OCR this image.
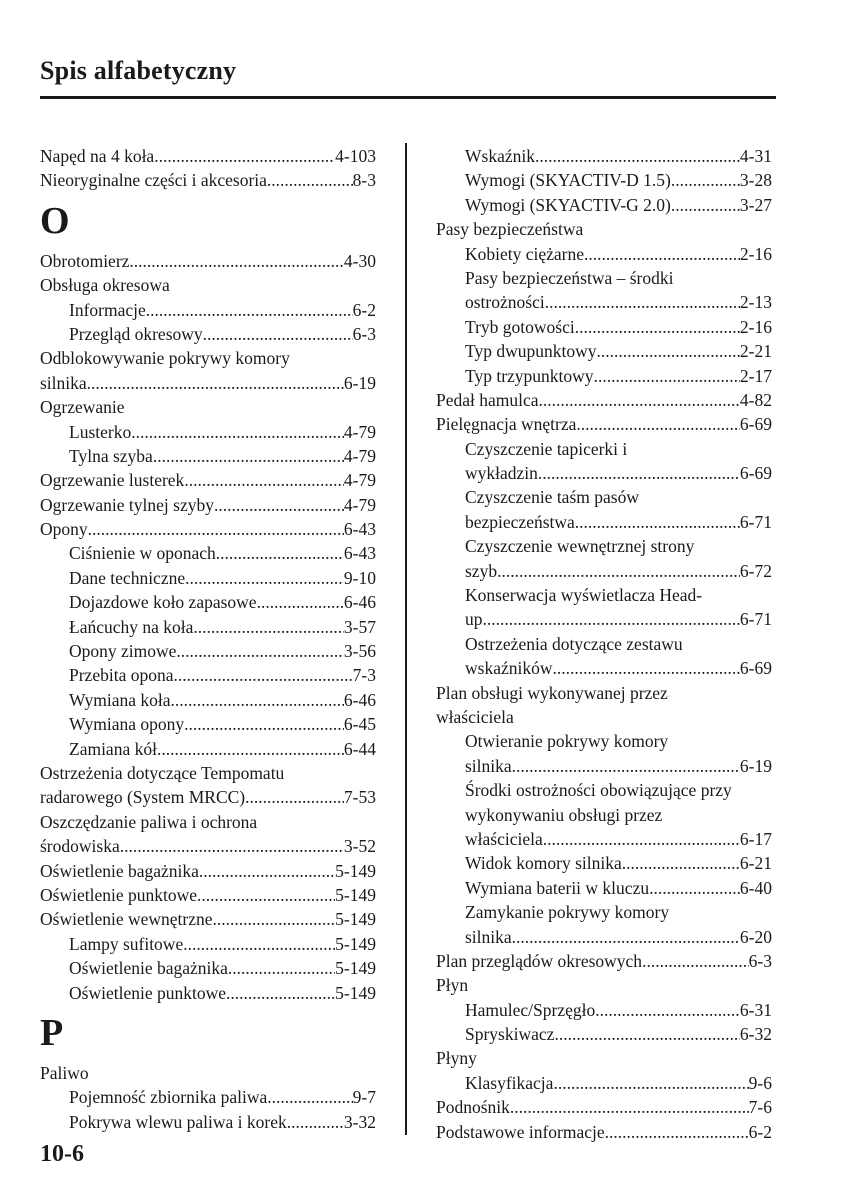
Spis alfabetyczny
Napęd na 4 koła .....	4-103
Nieoryginalne części i akcesoria .....	8-3
O
Obrotomierz .....	4-30
Obsługa okresowa
Informacje .....	6-2
Przegląd okresowy .....	6-3
Odblokowywanie pokrywy komory
silnika .....	6-19
Ogrzewanie
Lusterko .....	4-79
Tylna szyba .....	4-79
Ogrzewanie lusterek .....	4-79
Ogrzewanie tylnej szyby .....	4-79
Opony .....	6-43
Ciśnienie w oponach .....	6-43
Dane techniczne .....	9-10
Dojazdowe koło zapasowe .....	6-46
Łańcuchy na koła .....	3-57
Opony zimowe .....	3-56
Przebita opona .....	7-3
Wymiana koła .....	6-46
Wymiana opony .....	6-45
Zamiana kół .....	6-44
Ostrzeżenia dotyczące Tempomatu
radarowego (System MRCC) .....	7-53
Oszczędzanie paliwa i ochrona
środowiska .....	3-52
Oświetlenie bagażnika .....	5-149
Oświetlenie punktowe .....	5-149
Oświetlenie wewnętrzne .....	5-149
Lampy sufitowe .....	5-149
Oświetlenie bagażnika .....	5-149
Oświetlenie punktowe .....	5-149
P
Paliwo
Pojemność zbiornika paliwa .....	9-7
Pokrywa wlewu paliwa i korek .....	3-32
Wskaźnik .....	4-31
Wymogi (SKYACTIV-D 1.5) .....	3-28
Wymogi (SKYACTIV-G 2.0) .....	3-27
Pasy bezpieczeństwa
Kobiety ciężarne .....	2-16
Pasy bezpieczeństwa – środki
ostrożności .....	2-13
Tryb gotowości .....	2-16
Typ dwupunktowy .....	2-21
Typ trzypunktowy .....	2-17
Pedał hamulca .....	4-82
Pielęgnacja wnętrza .....	6-69
Czyszczenie tapicerki i
wykładzin .....	6-69
Czyszczenie taśm pasów
bezpieczeństwa .....	6-71
Czyszczenie wewnętrznej strony
szyb .....	6-72
Konserwacja wyświetlacza Head-
up .....	6-71
Ostrzeżenia dotyczące zestawu
wskaźników .....	6-69
Plan obsługi wykonywanej przez
właściciela
Otwieranie pokrywy komory
silnika .....	6-19
Środki ostrożności obowiązujące przy
wykonywaniu obsługi przez
właściciela .....	6-17
Widok komory silnika .....	6-21
Wymiana baterii w kluczu .....	6-40
Zamykanie pokrywy komory
silnika .....	6-20
Plan przeglądów okresowych .....	6-3
Płyn
Hamulec/Sprzęgło .....	6-31
Spryskiwacz .....	6-32
Płyny
Klasyfikacja .....	9-6
Podnośnik .....	7-6
Podstawowe informacje .....	6-2
10-6
